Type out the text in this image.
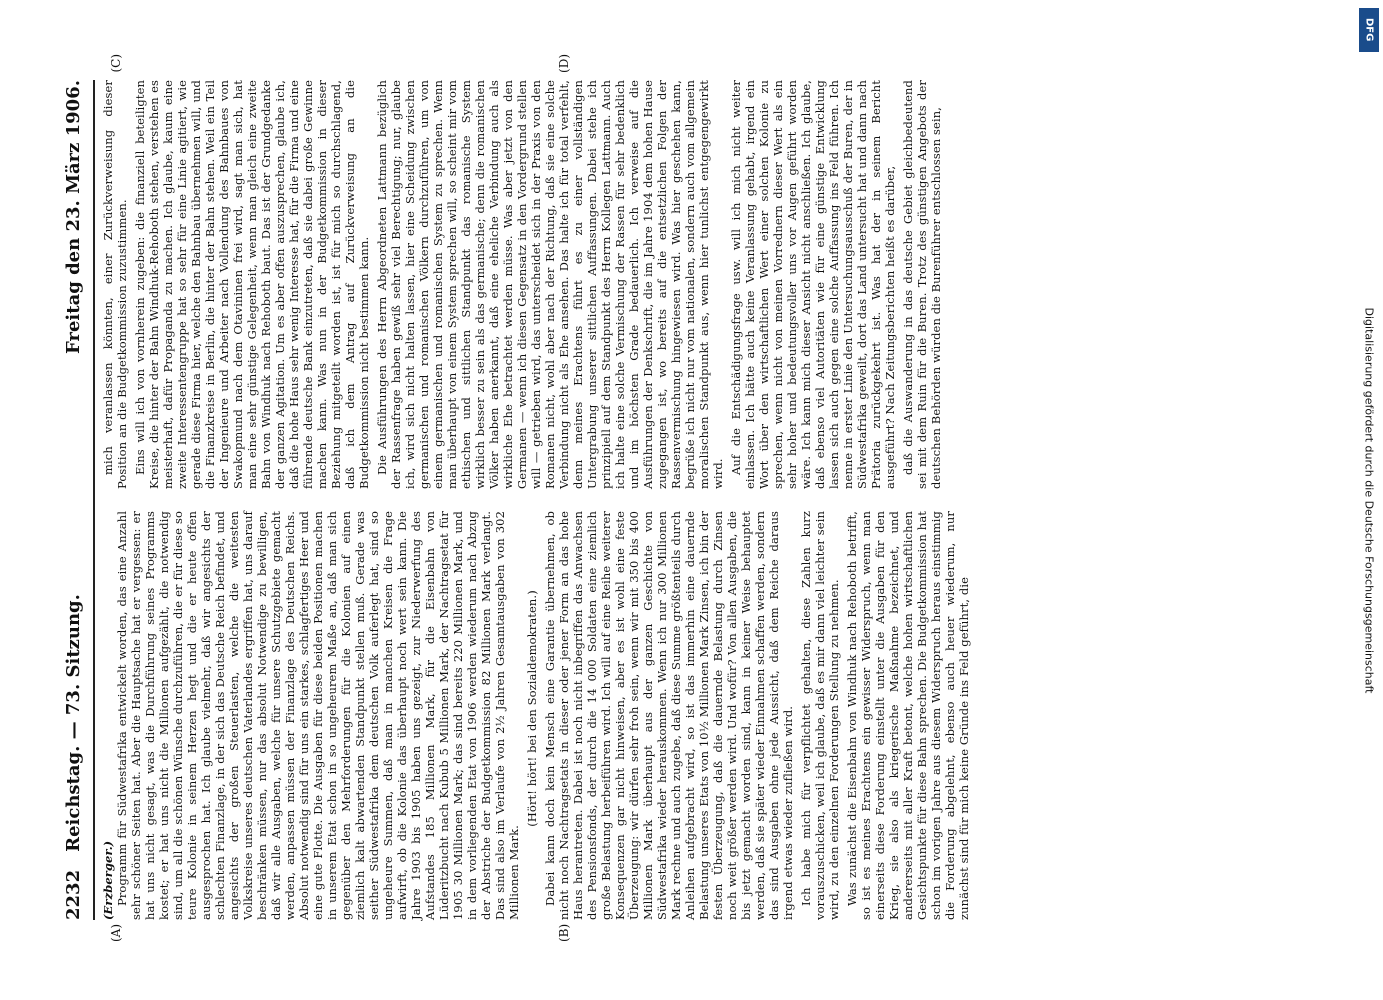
2232
Reichstag. — 73. Sitzung.
Freitag den 23. März 1906.
(A)	(B)
(C)	(D)
(Erzberger.) Programm für Südwestafrika entwickelt worden, das eine Anzahl sehr schöner Seiten hat. Aber die Hauptsache hat er vergessen: er hat uns nicht gesagt, was die Durchführung seines Programms kostet; er hat uns nicht die Millionen aufgezählt, die notwendig sind, um all die schönen Wünsche durchzuführen, die er für diese so teure Kolonie in seinem Herzen hegt und die er heute offen ausgesprochen hat. Ich glaube vielmehr, daß wir angesichts der schlechten Finanzlage, in der sich das Deutsche Reich befindet, und angesichts der großen Steuerlasten, welche die weitesten Volkskreise unseres deutschen Vaterlandes ergriffen hat, uns darauf beschränken müssen, nur das absolut Notwendige zu bewilligen, daß wir alle Ausgaben, welche für unsere Schutzgebiete gemacht werden, anpassen müssen der Finanzlage des Deutschen Reichs. Absolut notwendig sind für uns ein starkes, schlagfertiges Heer und eine gute Flotte. Die Ausgaben für diese beiden Positionen machen in unserem Etat schon in so ungeheurem Maße an, daß man sich gegenüber den Mehrforderungen für die Kolonien auf einen ziemlich kalt abwartenden Standpunkt stellen muß. Gerade was seither Südwestafrika dem deutschen Volk auferlegt hat, sind so ungeheure Summen, daß man in manchen Kreisen die Frage aufwirft, ob die Kolonie das überhaupt noch wert sein kann. Die Jahre 1903 bis 1905 haben uns gezeigt, zur Niederwerfung des Aufstandes 185 Millionen Mark, für die Eisenbahn von Lüderitzbucht nach Kubub 5 Millionen Mark, der Nachtragsetat für 1905 30 Millionen Mark; das sind bereits 220 Millionen Mark, und in dem vorliegenden Etat von 1906 werden wiederum nach Abzug der Abstriche der Budgetkommission 82 Millionen Mark verlangt. Das sind also im Verlaufe von 2½ Jahren Gesamtausgaben von 302 Millionen Mark.

(Hört! hört! bei den Sozialdemokraten.) Dabei kann doch kein Mensch eine Garantie übernehmen, ob nicht noch Nachtragsetats in dieser oder jener Form an das hohe Haus herantreten. Dabei ist noch nicht inbegriffen das Anwachsen des Pensionsfonds, der durch die 14 000 Soldaten eine ziemlich große Belastung herbeiführen wird. Ich will auf eine Reihe weiterer Konsequenzen gar nicht hinweisen, aber es ist wohl eine feste Überzeugung: wir dürfen sehr froh sein, wenn wir mit 350 bis 400 Millionen Mark überhaupt aus der ganzen Geschichte von Südwestafrika wieder herauskommen. Wenn ich nur 300 Millionen Mark rechne und auch zugebe, daß diese Summe größtenteils durch Anleihen aufgebracht wird, so ist das immerhin eine dauernde Belastung unseres Etats von 10½ Millionen Mark Zinsen, ich bin der festen Überzeugung, daß die dauernde Belastung durch Zinsen noch weit größer werden wird. Und wofür? Von allen Ausgaben, die bis jetzt gemacht worden sind, kann in keiner Weise behauptet werden, daß sie später wieder Einnahmen schaffen werden, sondern das sind Ausgaben ohne jede Aussicht, daß dem Reiche daraus irgend etwas wieder zufließen wird. Ich habe mich für verpflichtet gehalten, diese Zahlen kurz vorauszuschicken, weil ich glaube, daß es mir dann viel leichter sein wird, zu den einzelnen Forderungen Stellung zu nehmen. Was zunächst die Eisenbahn von Windhuk nach Rehoboth betrifft, so ist es meines Erachtens ein gewisser Widerspruch, wenn man einerseits diese Forderung einstellt unter die Ausgaben für den Krieg, sie also als kriegerische Maßnahme bezeichnet, und andererseits mit aller Kraft betont, welche hohen wirtschaftlichen Gesichtspunkte für diese Bahn sprechen. Die Budgetkommission hat schon im vorigen Jahre aus diesem Widerspruch heraus einstimmig die Forderung abgelehnt, ebenso auch heuer wiederum, nur zunächst sind für mich keine Gründe ins Feld geführt, die

mich veranlassen könnten, einer Zurückverweisung dieser Position an die Budgetkommission zuzustimmen. Eins will ich von vornherein zugeben: die finanziell beteiligten Kreise, die hinter der Bahn Windhuk-Rehoboth stehen, verstehen es meisterhaft, dafür Propaganda zu machen. Ich glaube, kaum eine zweite Interessentengruppe hat so sehr für eine Linie agitiert, wie gerade diese Firma hier, welche den Bahnbau übernehmen will, und die Finanzkreise in Berlin, die hinter der Bahn stehen. Weil ein Teil der Ingenieure und Arbeiter nach Vollendung des Bahnbaues von Swakopmund nach dem Otavininen frei wird, sagt man sich, hat man eine sehr günstige Gelegenheit, wenn man gleich eine zweite Bahn von Windhuk nach Rehoboth baut. Das ist der Grundgedanke der ganzen Agitation. Um es aber offen auszusprechen, glaube ich, daß die hohe Haus sehr wenig Interesse hat, für die Firma und eine führende deutsche Bank einzutreten, daß sie dabei große Gewinne machen kann. Was nun in der Budgetkommission in dieser Beziehung mitgeteilt worden ist, ist für mich so durchschlagend, daß ich dem Antrag auf Zurückverweisung an die Budgetkommission nicht bestimmen kann. Die Ausführungen des Herrn Abgeordneten Lattmann bezüglich der Rassenfrage haben gewiß sehr viel Berechtigung; nur, glaube ich, wird sich nicht halten lassen, hier eine Scheidung zwischen germanischen und romanischen Völkern durchzuführen, um von einem germanischen und romanischen System zu sprechen. Wenn man überhaupt von einem System sprechen will, so scheint mir vom ethischen und sittlichen Standpunkt das romanische System wirklich besser zu sein als das germanische; denn die romanischen Völker haben anerkannt, daß eine eheliche Verbindung auch als wirkliche Ehe betrachtet werden müsse. Was aber jetzt von den Germanen — wenn ich diesen Gegensatz in den Vordergrund stellen will — getrieben wird, das unterscheidet sich in der Praxis von den Romanen nicht, wohl aber nach der Richtung, daß sie eine solche Verbindung nicht als Ehe ansehen. Das halte ich für total verfehlt, denn meines Erachtens führt es zu einer vollständigen Untergrabung unserer sittlichen Auffassungen. Dabei stehe ich prinzipiell auf dem Standpunkt des Herrn Kollegen Lattmann. Auch ich halte eine solche Vermischung der Rassen für sehr bedenklich und im höchsten Grade bedauerlich. Ich verweise auf die Ausführungen der Denkschrift, die im Jahre 1904 dem hohen Hause zugegangen ist, wo bereits auf die entsetzlichen Folgen der Rassenvermischung hingewiesen wird. Was hier geschehen kann, begrüße ich nicht nur vom nationalen, sondern auch vom allgemein moralischen Standpunkt aus, wenn hier tunlichst entgegengewirkt wird. Auf die Entschädigungsfrage usw. will ich mich nicht weiter einlassen. Ich hätte auch keine Veranlassung gehabt, irgend ein Wort über den wirtschaftlichen Wert einer solchen Kolonie zu sprechen, wenn nicht von meinen Vorrednern dieser Wert als ein sehr hoher und bedeutungsvoller uns vor Augen geführt worden wäre. Ich kann mich dieser Ansicht nicht anschließen. Ich glaube, daß ebenso viel Autoritäten wie für eine günstige Entwicklung lassen sich auch gegen eine solche Auffassung ins Feld führen. Ich nenne in erster Linie den Untersuchungsausschuß der Buren, der in Südwestafrika geweilt, dort das Land untersucht hat und dann nach Prätoria zurückgekehrt ist. Was hat der in seinem Bericht ausgeführt? Nach Zeitungsberichten heißt es darüber, daß die Auswanderung in das deutsche Gebiet gleichbedeutend sei mit dem Ruin für die Buren. Trotz des günstigen Angebots der deutschen Behörden würden die Burenführer entschlossen sein,

DFG
Digitalisierung gefördert durch die Deutsche Forschungsgemeinschaft
